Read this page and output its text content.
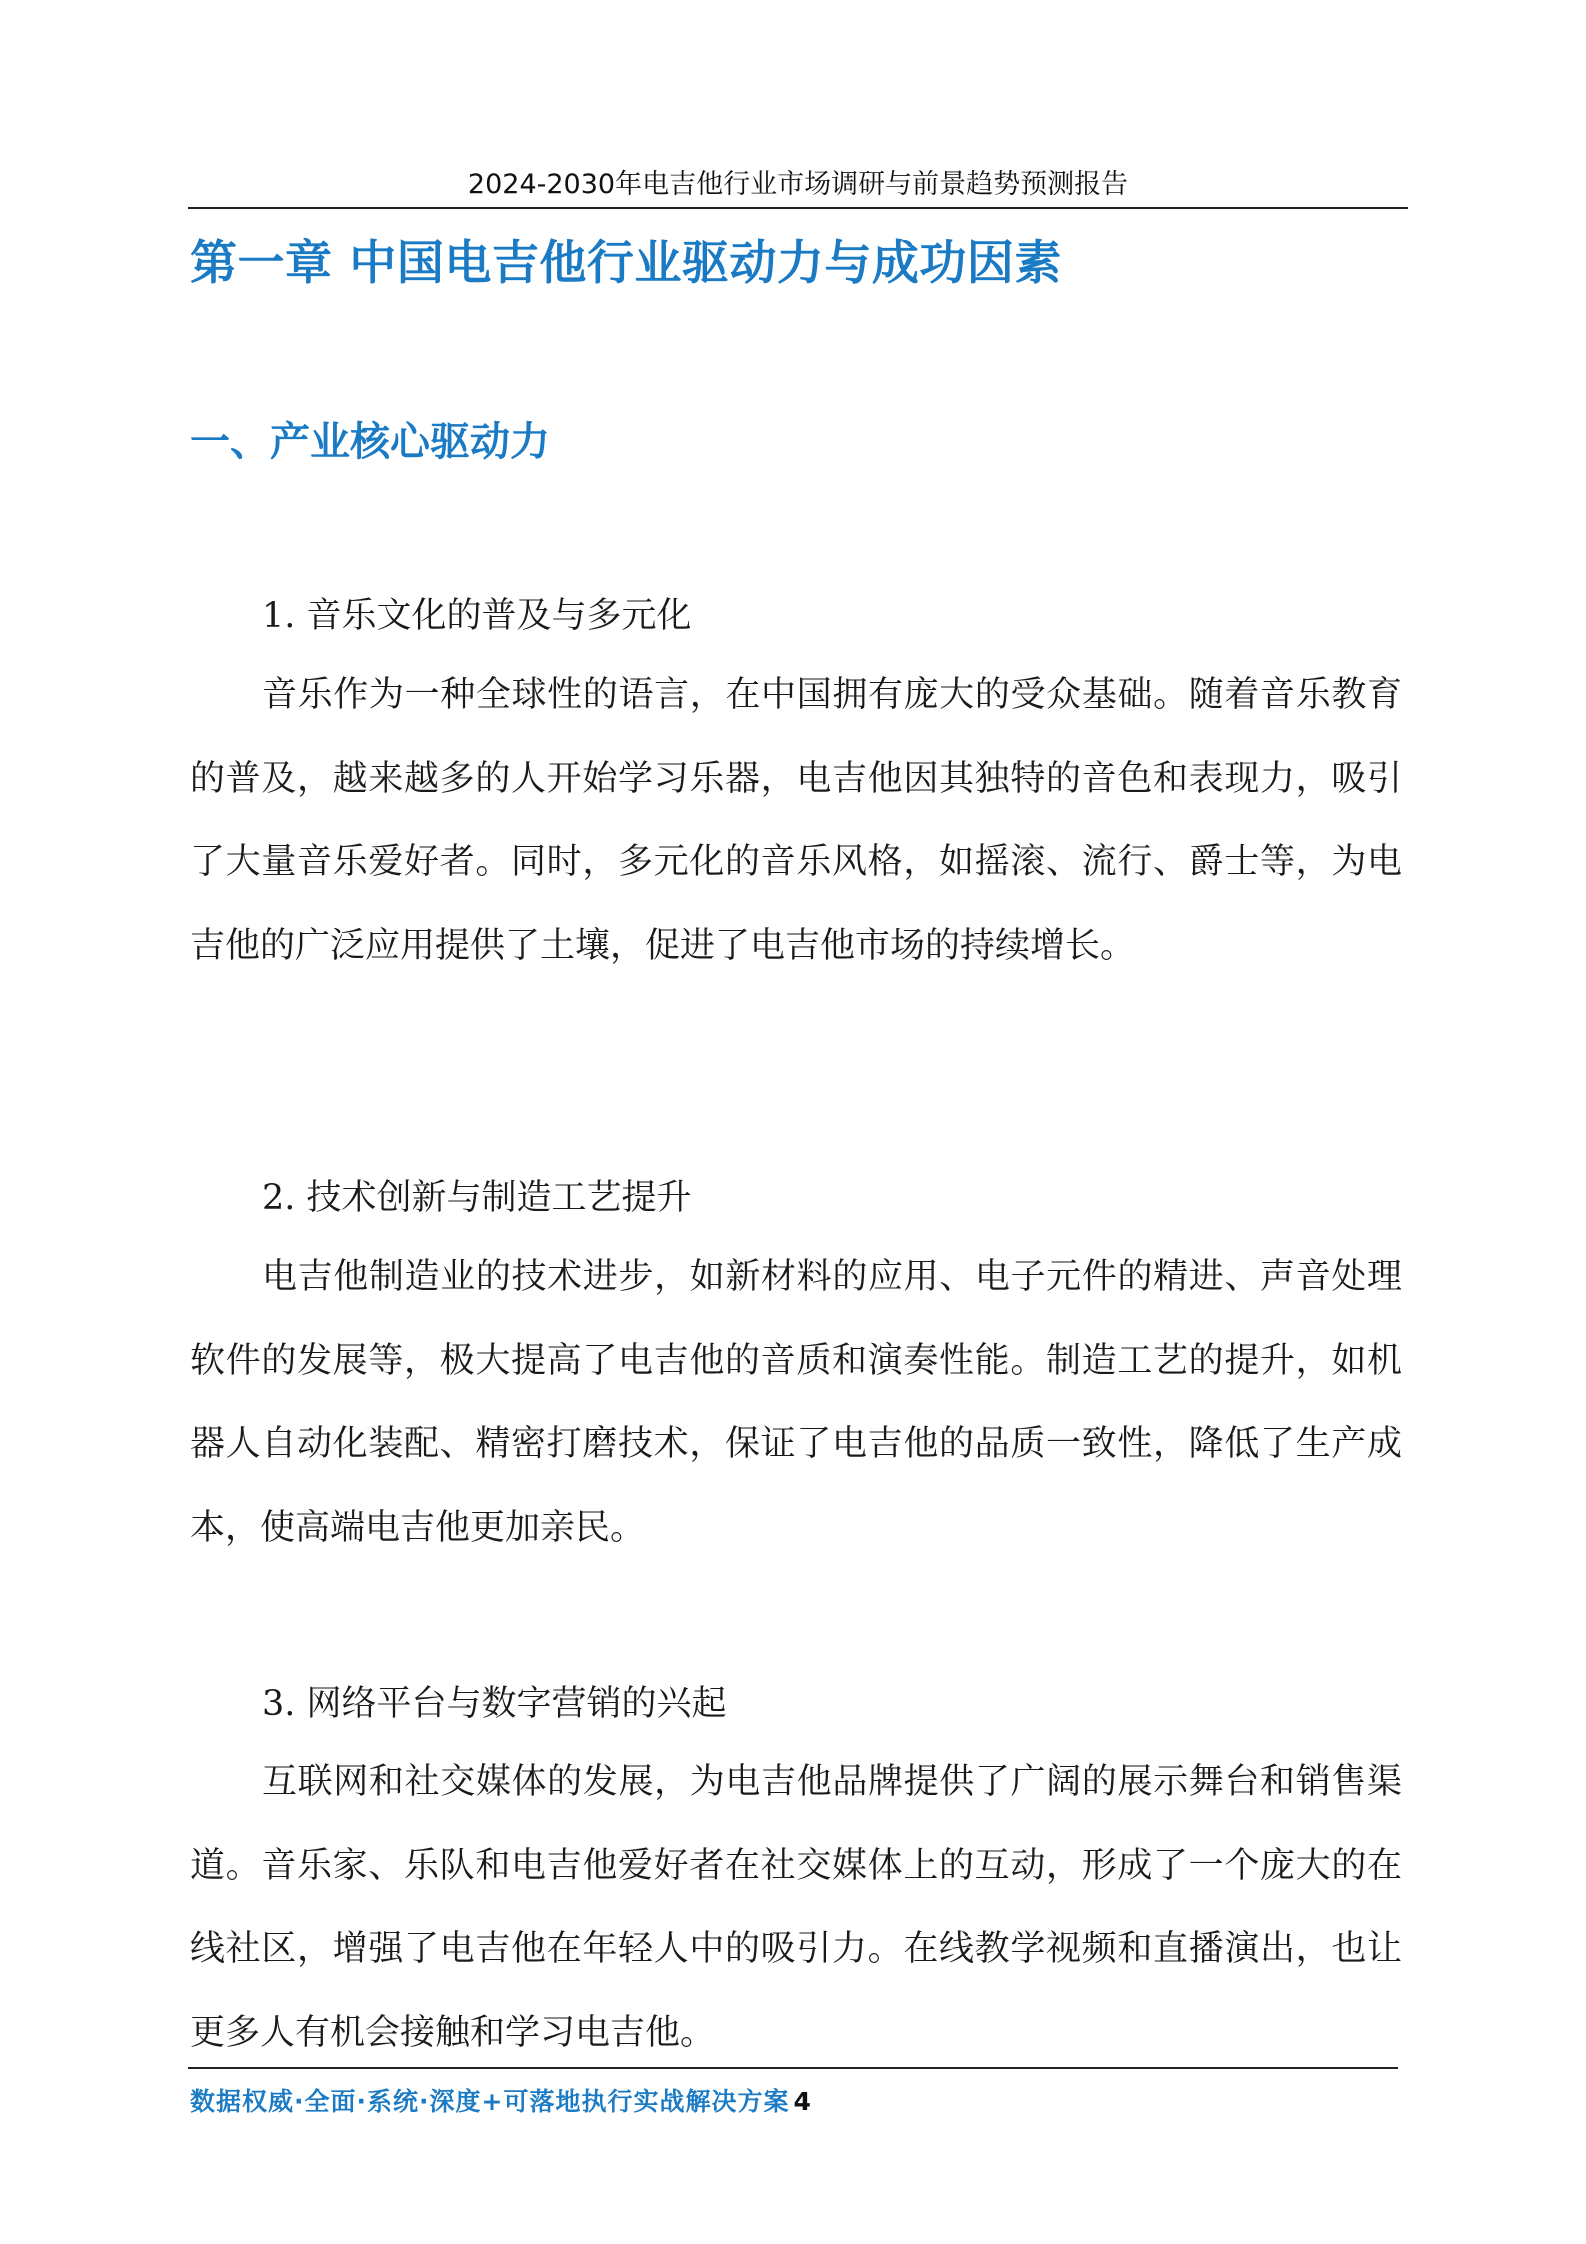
2024-2030年电吉他行业市场调研与前景趋势预测报告
第一章 中国电吉他行业驱动力与成功因素
一、产业核心驱动力
1. 音乐文化的普及与多元化

音乐作为一种全球性的语言，在中国拥有庞大的受众基础。随着音乐教育的普及，越来越多的人开始学习乐器，电吉他因其独特的音色和表现力，吸引了大量音乐爱好者。同时，多元化的音乐风格，如摇滚、流行、爵士等，为电吉他的广泛应用提供了土壤，促进了电吉他市场的持续增长。

2. 技术创新与制造工艺提升

电吉他制造业的技术进步，如新材料的应用、电子元件的精进、声音处理软件的发展等，极大提高了电吉他的音质和演奏性能。制造工艺的提升，如机器人自动化装配、精密打磨技术，保证了电吉他的品质一致性，降低了生产成本，使高端电吉他更加亲民。

3. 网络平台与数字营销的兴起

互联网和社交媒体的发展，为电吉他品牌提供了广阔的展示舞台和销售渠道。音乐家、乐队和电吉他爱好者在社交媒体上的互动，形成了一个庞大的在线社区，增强了电吉他在年轻人中的吸引力。在线教学视频和直播演出，也让更多人有机会接触和学习电吉他。

数据权威·全面·系统·深度+可落地执行实战解决方案 4
